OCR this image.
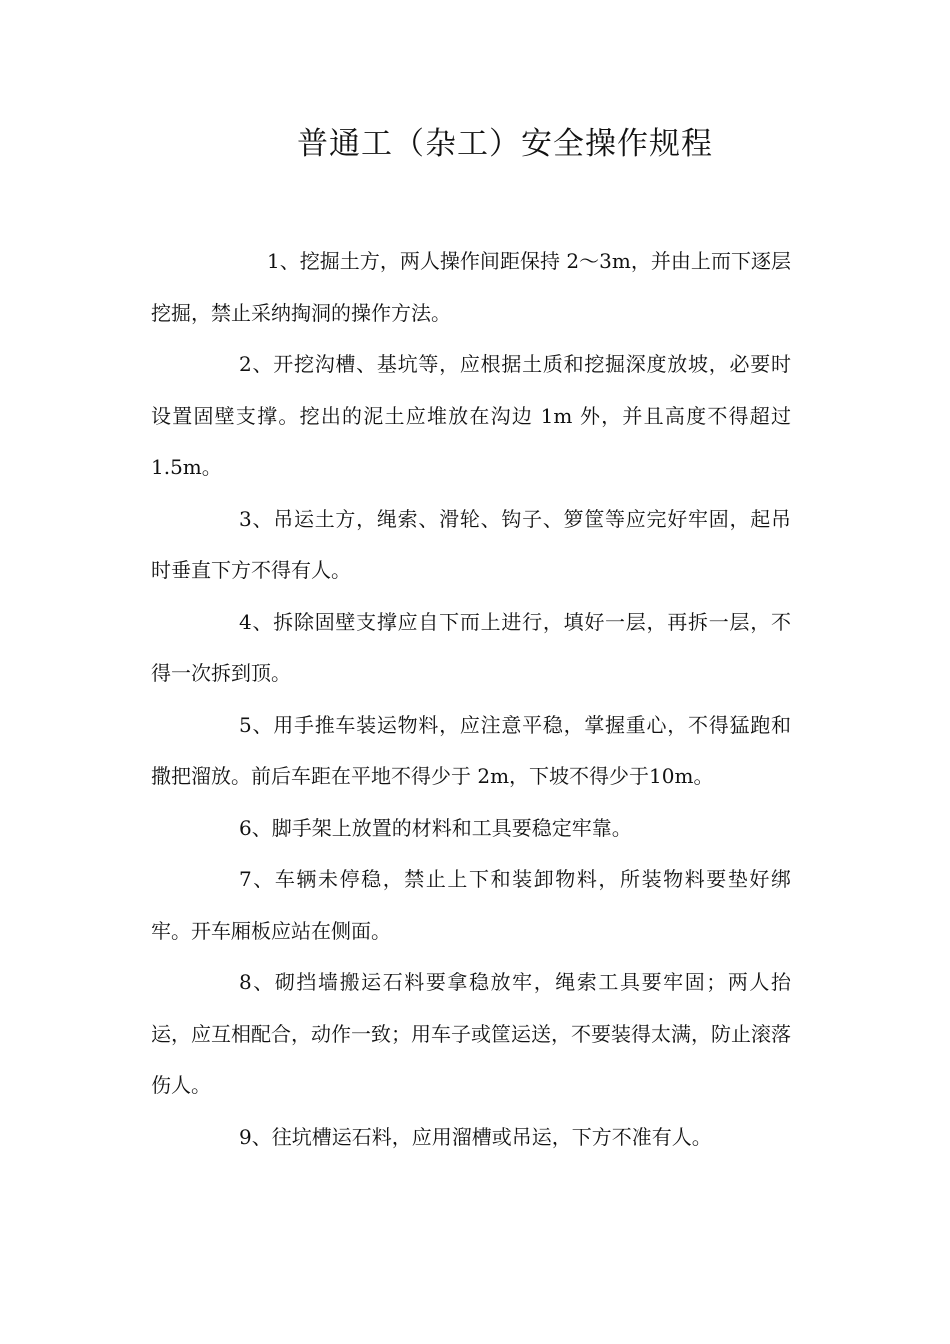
普通工（杂工）安全操作规程

1、挖掘土方，两人操作间距保持 2～3m，并由上而下逐层挖掘，禁止采纳掏洞的操作方法。

2、开挖沟槽、基坑等，应根据土质和挖掘深度放坡，必要时设置固壁支撑。挖出的泥土应堆放在沟边 1m 外，并且高度不得超过 1.5m。

3、吊运土方，绳索、滑轮、钩子、箩筐等应完好牢固，起吊时垂直下方不得有人。

4、拆除固壁支撑应自下而上进行，填好一层，再拆一层，不得一次拆到顶。

5、用手推车装运物料，应注意平稳，掌握重心，不得猛跑和撒把溜放。前后车距在平地不得少于 2m，下坡不得少于10m。

6、脚手架上放置的材料和工具要稳定牢靠。

7、车辆未停稳，禁止上下和装卸物料，所装物料要垫好绑牢。开车厢板应站在侧面。

8、砌挡墙搬运石料要拿稳放牢，绳索工具要牢固；两人抬运，应互相配合，动作一致；用车子或筐运送，不要装得太满，防止滚落伤人。

9、往坑槽运石料，应用溜槽或吊运，下方不准有人。
